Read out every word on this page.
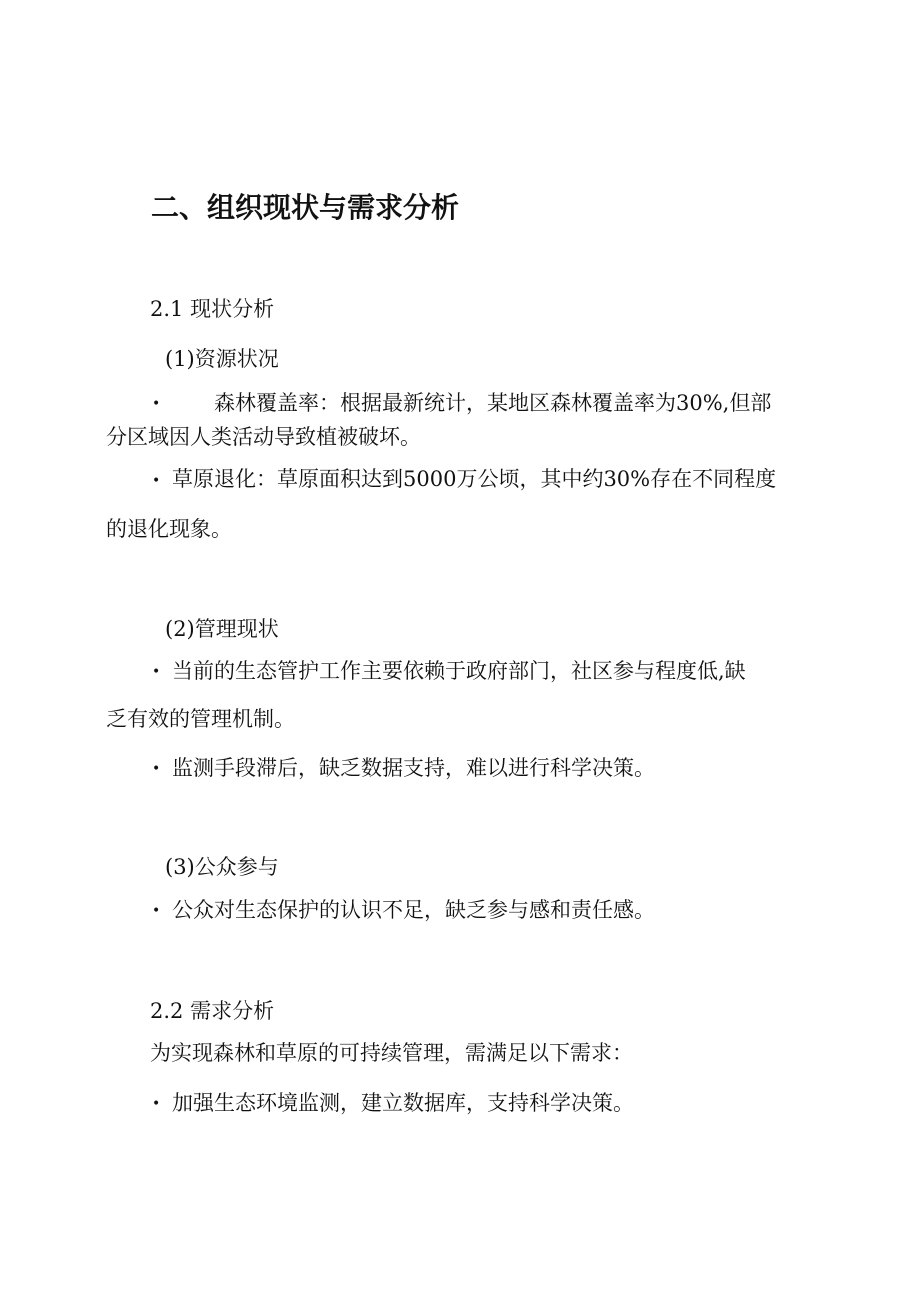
二、组织现状与需求分析
2.1 现状分析
(1)资源状况
•	森林覆盖率：根据最新统计，某地区森林覆盖率为30%,但部
分区域因人类活动导致植被破坏。
• 草原退化：草原面积达到5000万公顷，其中约30%存在不同程度
的退化现象。
(2)管理现状
• 当前的生态管护工作主要依赖于政府部门，社区参与程度低,缺
乏有效的管理机制。
• 监测手段滞后，缺乏数据支持，难以进行科学决策。
(3)公众参与
• 公众对生态保护的认识不足，缺乏参与感和责任感。
2.2 需求分析
为实现森林和草原的可持续管理，需满足以下需求：
• 加强生态环境监测，建立数据库，支持科学决策。
